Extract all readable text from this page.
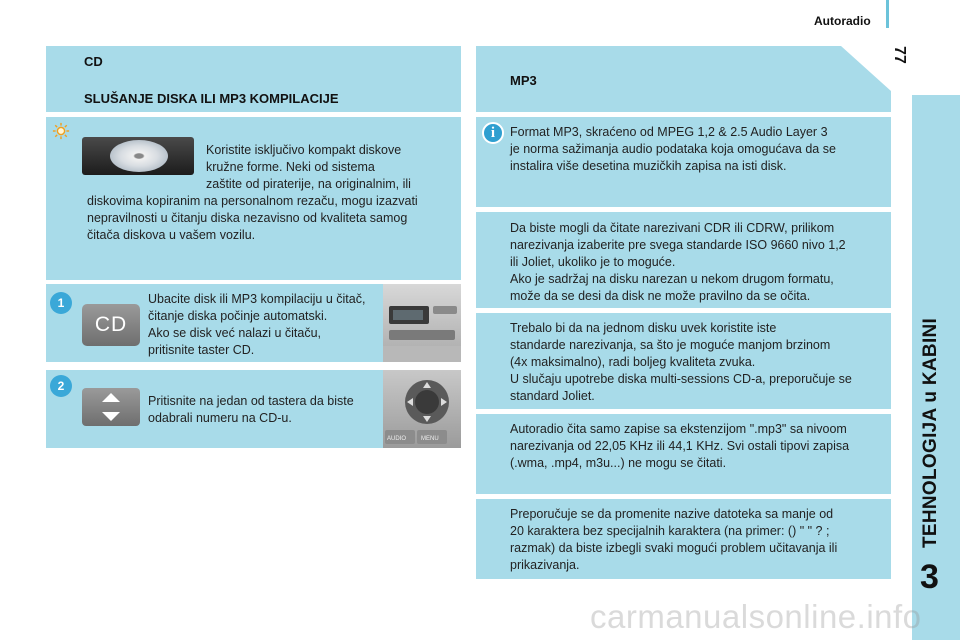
Autoradio
77
TEHNOLOGIJA u KABINI
3
CD
SLUŠANJE DISKA ILI MP3 KOMPILACIJE
Koristite isključivo kompakt diskove
kružne forme. Neki od sistema
zaštite od piraterije, na originalnim, ili
diskovima kopiranim na personalnom rezaču, mogu izazvati
nepravilnosti u čitanju diska nezavisno od kvaliteta samog
čitača diskova u vašem vozilu.
1
CD
Ubacite disk ili MP3 kompilaciju u čitač,
čitanje diska počinje automatski.
Ako se disk već nalazi u čitaču,
pritisnite taster CD.
2
Pritisnite na jedan od tastera da biste
odabrali numeru na CD-u.
AUDIO MENU
MP3
i	Format MP3, skraćeno od MPEG 1,2 & 2.5 Audio Layer 3
je norma sažimanja audio podataka koja omogućava da se
instalira više desetina muzičkih zapisa na isti disk.
Da biste mogli da čitate narezivani CDR ili CDRW, prilikom
narezivanja izaberite pre svega standarde ISO 9660 nivo 1,2
ili Joliet, ukoliko je to moguće.
Ako je sadržaj na disku narezan u nekom drugom formatu,
može da se desi da disk ne može pravilno da se očita.
Trebalo bi da na jednom disku uvek koristite iste
standarde narezivanja, sa što je moguće manjom brzinom
(4x maksimalno), radi boljeg kvaliteta zvuka.
U slučaju upotrebe diska multi-sessions CD-a, preporučuje se
standard Joliet.
Autoradio čita samo zapise sa ekstenzijom ".mp3" sa nivoom
narezivanja od 22,05 KHz ili 44,1 KHz. Svi ostali tipovi zapisa
(.wma, .mp4, m3u...) ne mogu se čitati.
Preporučuje se da promenite nazive datoteka sa manje od
20 karaktera bez specijalnih karaktera (na primer: () " " ? ;
razmak) da biste izbegli svaki mogući problem učitavanja ili
prikazivanja.
carmanualsonline.info
